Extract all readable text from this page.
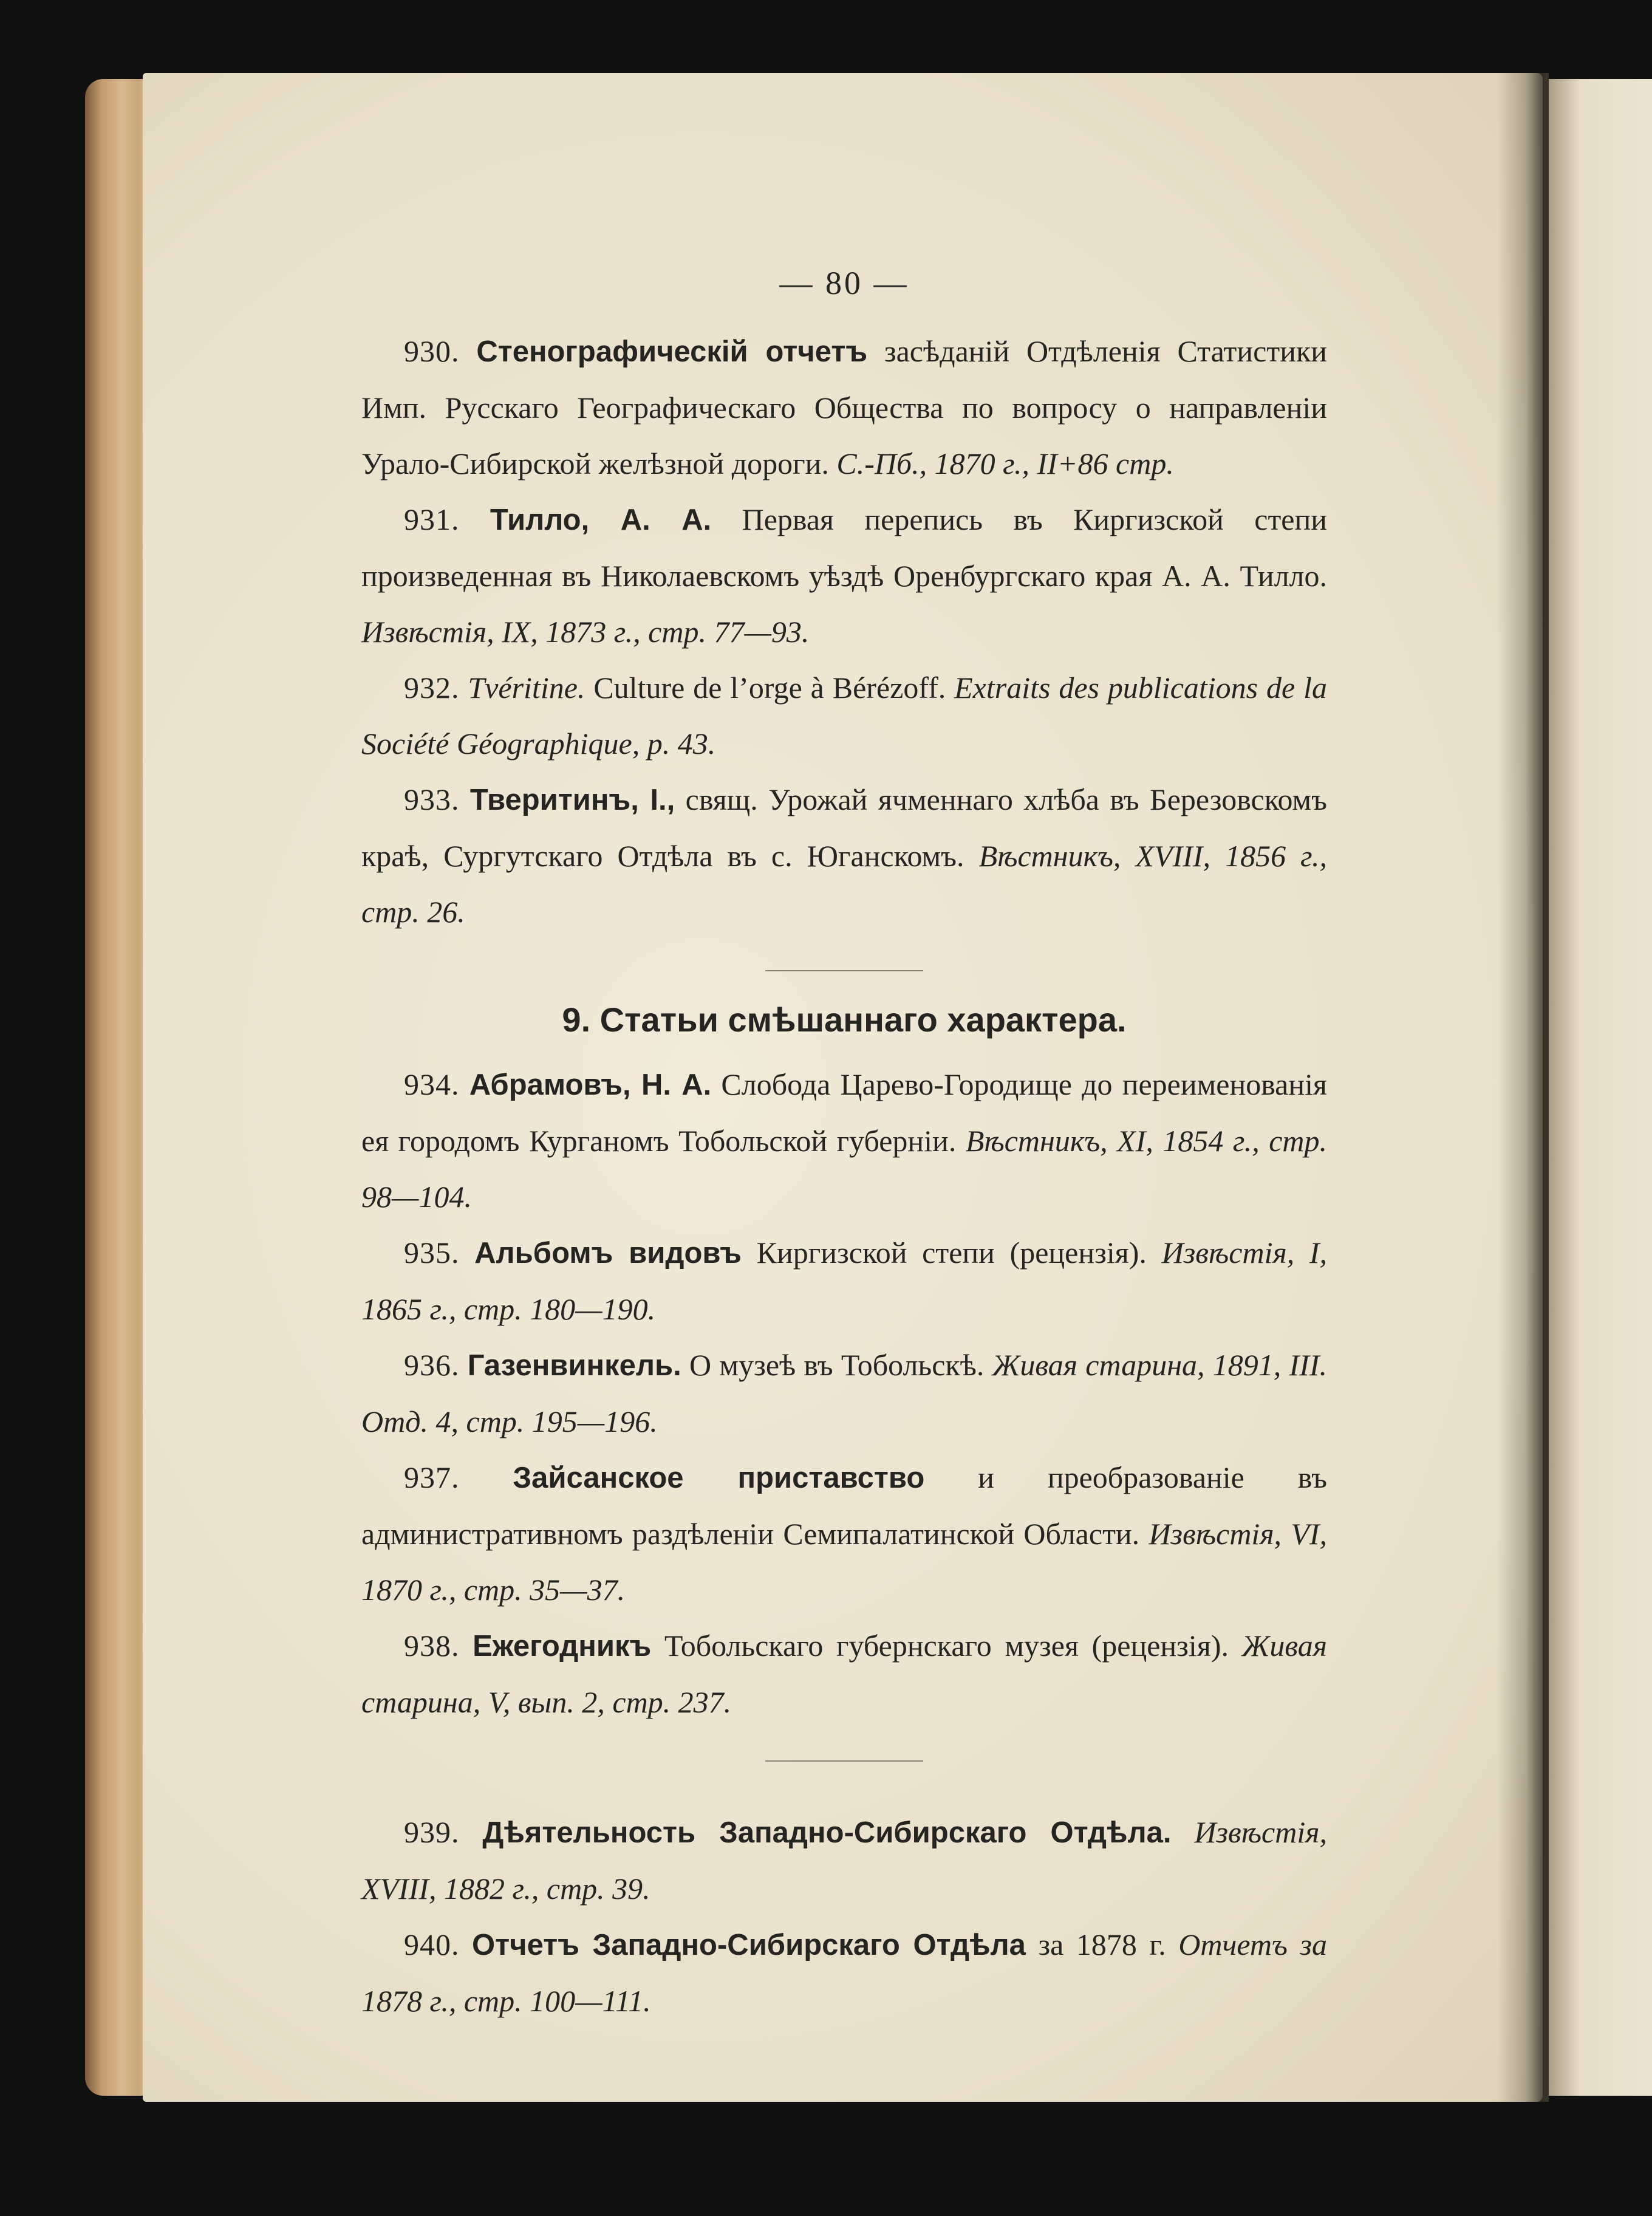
— 80 —

930. Стенографическій отчетъ засѣданій Отдѣленія Статистики Имп. Русскаго Географическаго Общества по вопросу о направленіи Урало-Сибирской желѣзной дороги. С.-Пб., 1870 г., II+86 стр.

931. Тилло, А. А. Первая перепись въ Киргизской степи произведенная въ Николаевскомъ уѣздѣ Оренбургскаго края А. А. Тилло. Извѣстія, IX, 1873 г., стр. 77—93.

932. Tvéritine. Culture de l’orge à Bérézoff. Extraits des publications de la Société Géographique, p. 43.

933. Тверитинъ, I., свящ. Урожай ячменнаго хлѣба въ Березовскомъ краѣ, Сургутскаго Отдѣла въ с. Юганскомъ. Вѣстникъ, XVIII, 1856 г., стр. 26.

9. Статьи смѣшаннаго характера.

934. Абрамовъ, Н. А. Слобода Царево-Городище до переименованія ея городомъ Курганомъ Тобольской губерніи. Вѣстникъ, XI, 1854 г., стр. 98—104.

935. Альбомъ видовъ Киргизской степи (рецензія). Извѣстія, I, 1865 г., стр. 180—190.

936. Газенвинкель. О музеѣ въ Тобольскѣ. Живая старина, 1891, III. Отд. 4, стр. 195—196.

937. Зайсанское приставство и преобразованіе въ административномъ раздѣленіи Семипалатинской Области. Извѣстія, VI, 1870 г., стр. 35—37.

938. Ежегодникъ Тобольскаго губернскаго музея (рецензія). Живая старина, V, вып. 2, стр. 237.

939. Дѣятельность Западно-Сибирскаго Отдѣла. Извѣстія, XVIII, 1882 г., стр. 39.

940. Отчетъ Западно-Сибирскаго Отдѣла за 1878 г. Отчетъ за 1878 г., стр. 100—111.
